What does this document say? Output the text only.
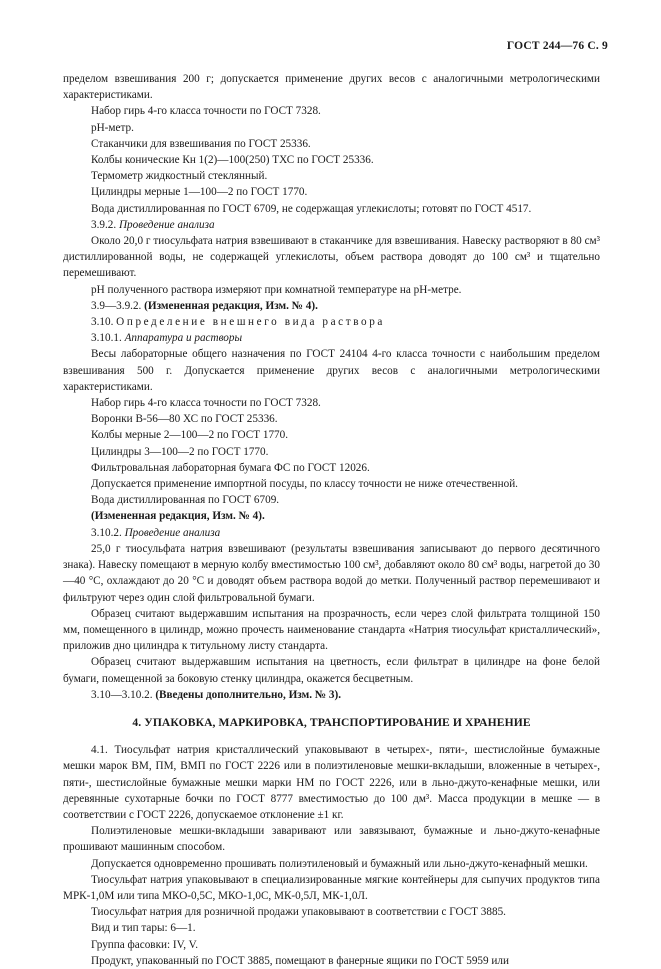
ГОСТ 244—76 С. 9

пределом взвешивания 200 г; допускается применение других весов с аналогичными метрологическими характеристиками.

Набор гирь 4-го класса точности по ГОСТ 7328.

рН-метр.

Стаканчики для взвешивания по ГОСТ 25336.

Колбы конические Кн 1(2)—100(250) ТХС по ГОСТ 25336.

Термометр жидкостный стеклянный.

Цилиндры мерные 1—100—2 по ГОСТ 1770.

Вода дистиллированная по ГОСТ 6709, не содержащая углекислоты; готовят по ГОСТ 4517.

3.9.2. Проведение анализа

Около 20,0 г тиосульфата натрия взвешивают в стаканчике для взвешивания. Навеску растворяют в 80 см³ дистиллированной воды, не содержащей углекислоты, объем раствора доводят до 100 см³ и тщательно перемешивают.

рН полученного раствора измеряют при комнатной температуре на рН-метре.

3.9—3.9.2. (Измененная редакция, Изм. № 4).

3.10. Определение внешнего вида раствора

3.10.1. Аппаратура и растворы

Весы лабораторные общего назначения по ГОСТ 24104 4-го класса точности с наибольшим пределом взвешивания 500 г. Допускается применение других весов с аналогичными метрологическими характеристиками.

Набор гирь 4-го класса точности по ГОСТ 7328.

Воронки В-56—80 ХС по ГОСТ 25336.

Колбы мерные 2—100—2 по ГОСТ 1770.

Цилиндры 3—100—2 по ГОСТ 1770.

Фильтровальная лабораторная бумага ФС по ГОСТ 12026.

Допускается применение импортной посуды, по классу точности не ниже отечественной.

Вода дистиллированная по ГОСТ 6709.

(Измененная редакция, Изм. № 4).

3.10.2. Проведение анализа

25,0 г тиосульфата натрия взвешивают (результаты взвешивания записывают до первого десятичного знака). Навеску помещают в мерную колбу вместимостью 100 см³, добавляют около 80 см³ воды, нагретой до 30—40 °С, охлаждают до 20 °С и доводят объем раствора водой до метки. Полученный раствор перемешивают и фильтруют через один слой фильтровальной бумаги.

Образец считают выдержавшим испытания на прозрачность, если через слой фильтрата толщиной 150 мм, помещенного в цилиндр, можно прочесть наименование стандарта «Натрия тиосульфат кристаллический», приложив дно цилиндра к титульному листу стандарта.

Образец считают выдержавшим испытания на цветность, если фильтрат в цилиндре на фоне белой бумаги, помещенной за боковую стенку цилиндра, окажется бесцветным.

3.10—3.10.2. (Введены дополнительно, Изм. № 3).

4. УПАКОВКА, МАРКИРОВКА, ТРАНСПОРТИРОВАНИЕ И ХРАНЕНИЕ

4.1. Тиосульфат натрия кристаллический упаковывают в четырех-, пяти-, шестислойные бумажные мешки марок ВМ, ПМ, ВМП по ГОСТ 2226 или в полиэтиленовые мешки-вкладыши, вложенные в четырех-, пяти-, шестислойные бумажные мешки марки НМ по ГОСТ 2226, или в льно-джуто-кенафные мешки, или деревянные сухотарные бочки по ГОСТ 8777 вместимостью до 100 дм³. Масса продукции в мешке — в соответствии с ГОСТ 2226, допускаемое отклонение ±1 кг.

Полиэтиленовые мешки-вкладыши заваривают или завязывают, бумажные и льно-джуто-кенафные прошивают машинным способом.

Допускается одновременно прошивать полиэтиленовый и бумажный или льно-джуто-кенафный мешки.

Тиосульфат натрия упаковывают в специализированные мягкие контейнеры для сыпучих продуктов типа МРК-1,0М или типа МКО-0,5С, МКО-1,0С, МК-0,5Л, МК-1,0Л.

Тиосульфат натрия для розничной продажи упаковывают в соответствии с ГОСТ 3885.

Вид и тип тары: 6—1.

Группа фасовки: IV, V.

Продукт, упакованный по ГОСТ 3885, помещают в фанерные ящики по ГОСТ 5959 или
